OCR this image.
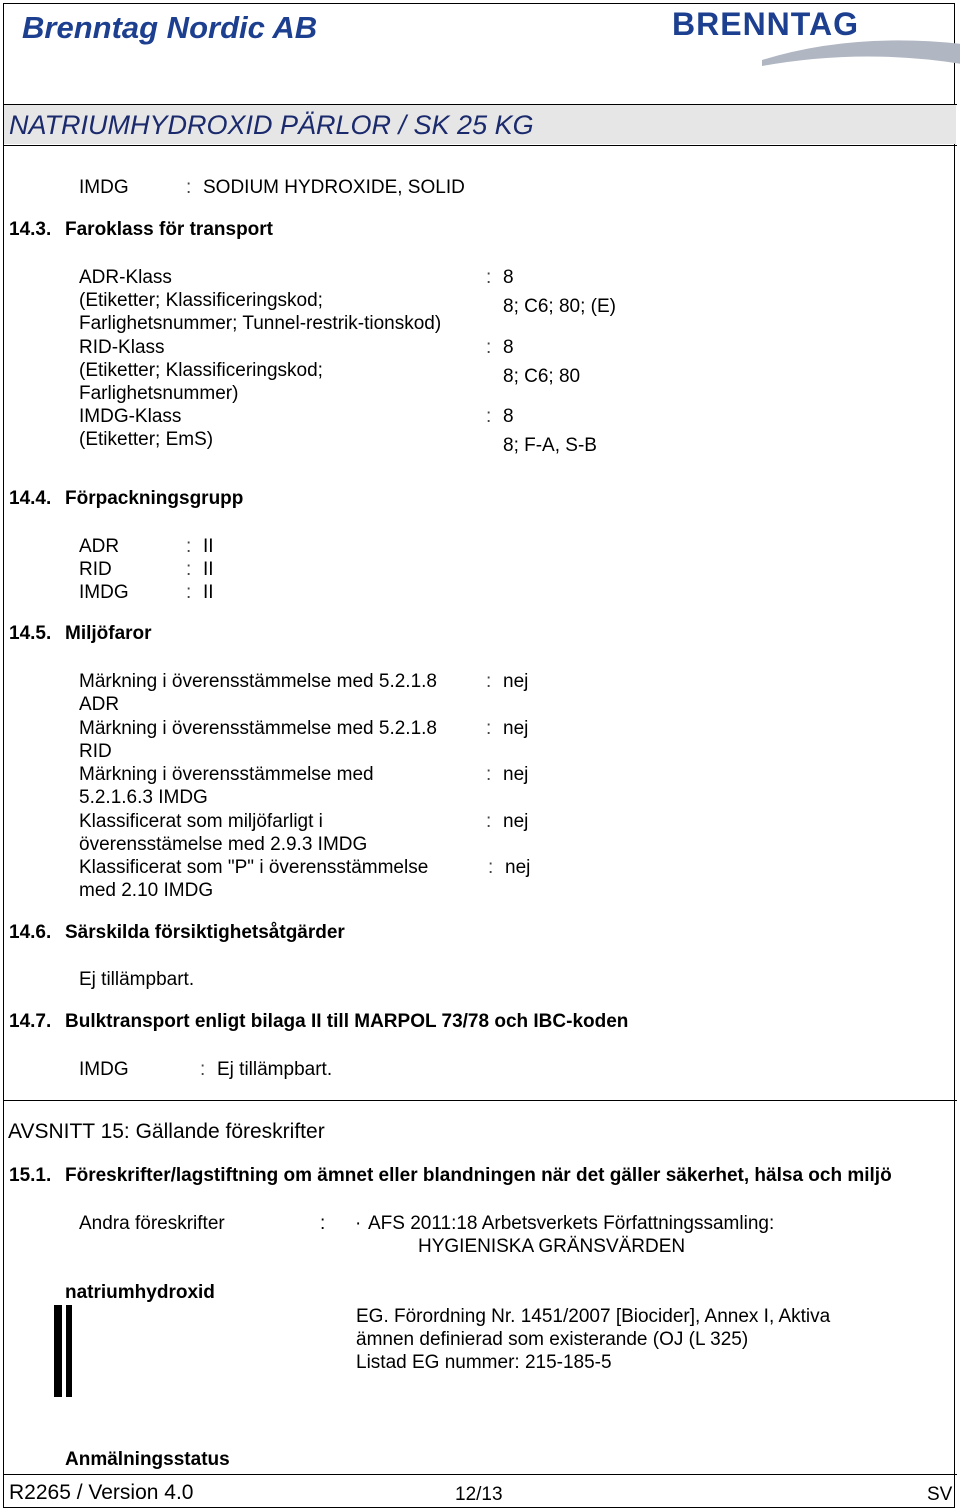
Brenntag Nordic AB	BRENNTAG
NATRIUMHYDROXID PÄRLOR / SK 25 KG
IMDG	: SODIUM HYDROXIDE, SOLID
14.3. Faroklass för transport
ADR-Klass	: 8
(Etiketter; Klassificeringskod;
Farlighetsnummer; Tunnel-restrik-tionskod)
8; C6; 80; (E)
RID-Klass	: 8
(Etiketter; Klassificeringskod;
Farlighetsnummer)
8; C6; 80
IMDG-Klass	: 8
(Etiketter; EmS)	8; F-A, S-B
14.4. Förpackningsgrupp
ADR	: II
RID	: II
IMDG	: II
14.5. Miljöfaror
Märkning i överensstämmelse med 5.2.1.8
ADR
: nej
Märkning i överensstämmelse med 5.2.1.8
RID
: nej
Märkning i överensstämmelse med
5.2.1.6.3 IMDG
: nej
Klassificerat som miljöfarligt i
överensstämelse med 2.9.3 IMDG
: nej
Klassificerat som "P" i överensstämmelse
med 2.10 IMDG
: nej
14.6. Särskilda försiktighetsåtgärder
Ej tillämpbart.
14.7. Bulktransport enligt bilaga II till MARPOL 73/78 och IBC-koden
IMDG	: Ej tillämpbart.
AVSNITT 15: Gällande föreskrifter
15.1. Föreskrifter/lagstiftning om ämnet eller blandningen när det gäller säkerhet, hälsa och miljö
Andra föreskrifter	: · AFS 2011:18 Arbetsverkets Författningssamling:
HYGIENISKA GRÄNSVÄRDEN
natriumhydroxid
EG. Förordning Nr. 1451/2007 [Biocider], Annex I, Aktiva
ämnen definierad som existerande (OJ (L 325)
Listad EG nummer: 215-185-5
Anmälningsstatus
R2265 / Version 4.0	12/13	SV
